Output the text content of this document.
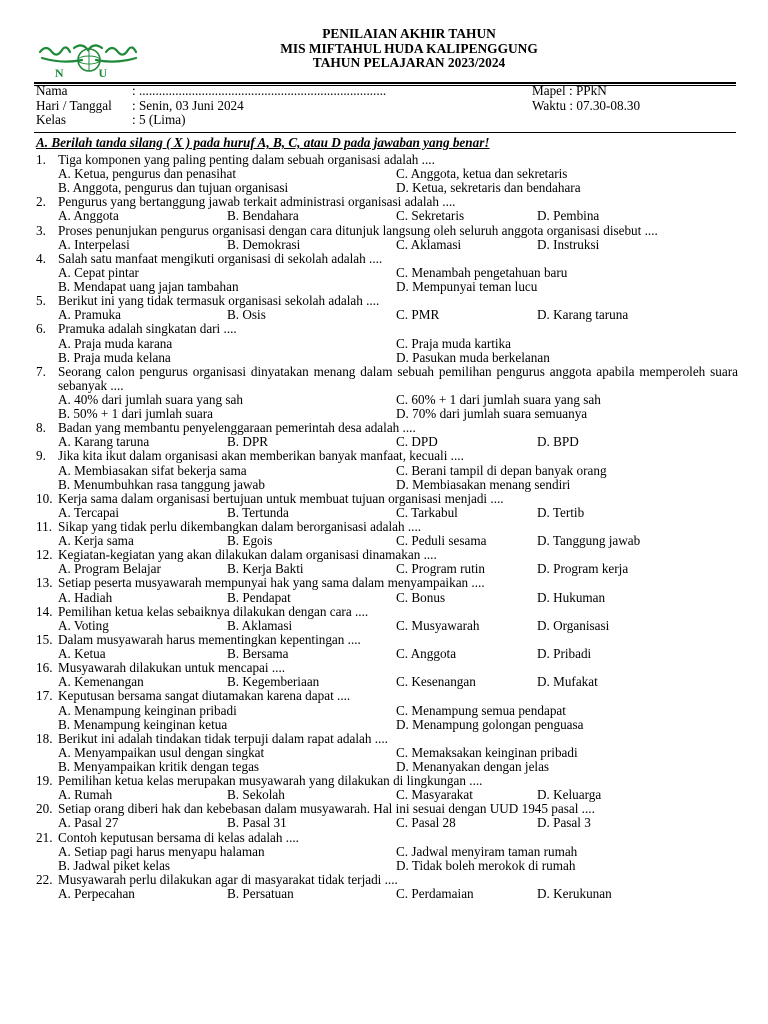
N U
PENILAIAN AKHIR TAHUN
MIS MIFTAHUL HUDA KALIPENGGUNG
TAHUN PELAJARAN 2023/2024
Nama	: ...........................................................................	Mapel : PPkN
Hari / Tanggal : Senin, 03 Juni 2024	Waktu : 07.30-08.30
Kelas	: 5 (Lima)
A. Berilah tanda silang ( X ) pada huruf A, B, C, atau D pada jawaban yang benar!
1. Tiga komponen yang paling penting dalam sebuah organisasi adalah ....
A. Ketua, pengurus dan penasihat	C. Anggota, ketua dan sekretaris
B. Anggota, pengurus dan tujuan organisasi	D. Ketua, sekretaris dan bendahara
2. Pengurus yang bertanggung jawab terkait administrasi organisasi adalah ....
A. Anggota	B. Bendahara	C. Sekretaris	D. Pembina
3. Proses penunjukan pengurus organisasi dengan cara ditunjuk langsung oleh seluruh anggota organisasi disebut ....
A. Interpelasi	B. Demokrasi	C. Aklamasi	D. Instruksi
4. Salah satu manfaat mengikuti organisasi di sekolah adalah ....
A. Cepat pintar	C. Menambah pengetahuan baru
B. Mendapat uang jajan tambahan	D. Mempunyai teman lucu
5. Berikut ini yang tidak termasuk organisasi sekolah adalah ....
A. Pramuka	B. Osis	C. PMR	D. Karang taruna
6. Pramuka adalah singkatan dari ....
A. Praja muda karana	C. Praja muda kartika
B. Praja muda kelana	D. Pasukan muda berkelanan
7. Seorang calon pengurus organisasi dinyatakan menang dalam sebuah pemilihan pengurus anggota apabila memperoleh suara sebanyak ....
A. 40% dari jumlah suara yang sah	C. 60% + 1 dari jumlah suara yang sah
B. 50% + 1 dari jumlah suara	D. 70% dari jumlah suara semuanya
8. Badan yang membantu penyelenggaraan pemerintah desa adalah ....
A. Karang taruna	B. DPR	C. DPD	D. BPD
9. Jika kita ikut dalam organisasi akan memberikan banyak manfaat, kecuali ....
A. Membiasakan sifat bekerja sama	C. Berani tampil di depan banyak orang
B. Menumbuhkan rasa tanggung jawab	D. Membiasakan menang sendiri
10. Kerja sama dalam organisasi bertujuan untuk membuat tujuan organisasi menjadi ....
A. Tercapai	B. Tertunda	C. Tarkabul	D. Tertib
11. Sikap yang tidak perlu dikembangkan dalam berorganisasi adalah ....
A. Kerja sama	B. Egois	C. Peduli sesama	D. Tanggung jawab
12. Kegiatan-kegiatan yang akan dilakukan dalam organisasi dinamakan ....
A. Program Belajar	B. Kerja Bakti	C. Program rutin	D. Program kerja
13. Setiap peserta musyawarah mempunyai hak yang sama dalam menyampaikan ....
A. Hadiah	B. Pendapat	C. Bonus	D. Hukuman
14. Pemilihan ketua kelas sebaiknya dilakukan dengan cara ....
A. Voting	B. Aklamasi	C. Musyawarah	D. Organisasi
15. Dalam musyawarah harus mementingkan kepentingan ....
A. Ketua	B. Bersama	C. Anggota	D. Pribadi
16. Musyawarah dilakukan untuk mencapai ....
A. Kemenangan	B. Kegemberiaan	C. Kesenangan	D. Mufakat
17. Keputusan bersama sangat diutamakan karena dapat ....
A. Menampung keinginan pribadi	C. Menampung semua pendapat
B. Menampung keinginan ketua	D. Menampung golongan penguasa
18. Berikut ini adalah tindakan tidak terpuji dalam rapat adalah ....
A. Menyampaikan usul dengan singkat	C. Memaksakan keinginan pribadi
B. Menyampaikan kritik dengan tegas	D. Menanyakan dengan jelas
19. Pemilihan ketua kelas merupakan musyawarah yang dilakukan di lingkungan ....
A. Rumah	B. Sekolah	C. Masyarakat	D. Keluarga
20. Setiap orang diberi hak dan kebebasan dalam musyawarah. Hal ini sesuai dengan UUD 1945 pasal ....
A. Pasal 27	B. Pasal 31	C. Pasal 28	D. Pasal 3
21. Contoh keputusan bersama di kelas adalah ....
A. Setiap pagi harus menyapu halaman	C. Jadwal menyiram taman rumah
B. Jadwal piket kelas	D. Tidak boleh merokok di rumah
22. Musyawarah perlu dilakukan agar di masyarakat tidak terjadi ....
A. Perpecahan	B. Persatuan	C. Perdamaian	D. Kerukunan
